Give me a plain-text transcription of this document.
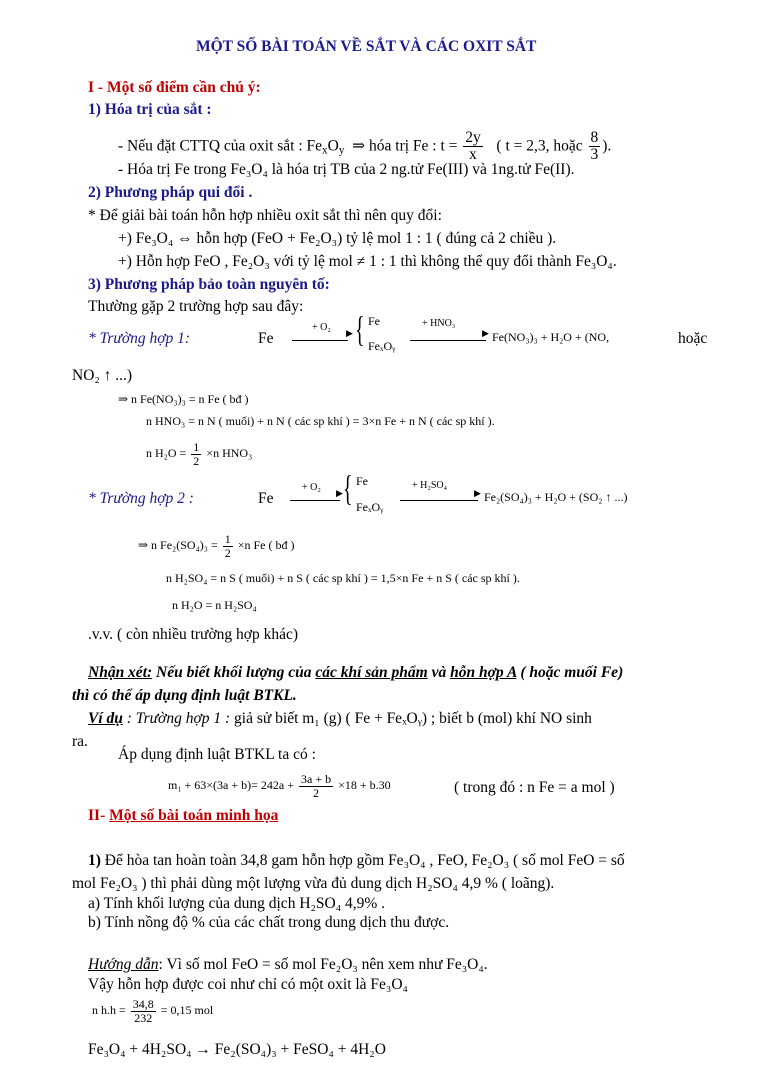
MỘT SỐ BÀI TOÁN VỀ SẮT VÀ CÁC OXIT SẮT
I - Một số điểm cần chú ý:
1) Hóa trị của sắt :
- Nếu đặt CTTQ của oxit sắt : $Fe_xO_y$ ⇒ hóa trị Fe : $t = \frac{2y}{x}$ ( t = 2,3, hoặc $\frac{8}{3}$ ).
- Hóa trị Fe trong Fe₃O₄ là hóa trị TB của 2 ng.tử Fe(III) và 1ng.tử Fe(II).
2) Phương pháp qui đổi .
* Để giải bài toán hỗn hợp nhiều oxit sắt thì nên quy đổi:
+) Fe₃O₄ ⇔ hỗn hợp (FeO + Fe₂O₃) tỷ lệ mol 1 : 1 ( đúng cả 2 chiều ).
+) Hỗn hợp FeO , Fe₂O₃ với tỷ lệ mol ≠ 1 : 1 thì không thể quy đổi thành Fe₃O₄.
3) Phương pháp bảo toàn nguyên tố:
Thường gặp 2 trường hợp sau đây:
* Trường hợp 1:	Fe
+ O₂ ▶ { Fe
FeₓOᵧ
+ HNO₃
▶ Fe(NO₃)₃ + H₂O + (NO,	hoặc
NO₂ ↑ ...)
⇒ n Fe(NO₃)₃ = n Fe ( bđ )
n HNO₃ = n N ( muối) + n N ( các sp khí ) = 3×n Fe + n N ( các sp khí ).
n $H_2O = \frac{1}{2} \times n$ HNO₃
* Trường hợp 2 :	Fe
+ O₂ ▶ { Fe
FeₓOᵧ
+ H₂SO₄
▶ Fe₂(SO₄)₃ + H₂O + (SO₂ ↑ ...)
⇒ n $Fe_2(SO_4)_3 = \frac{1}{2} \times n$ Fe ( bđ )
n H₂SO₄ = n S ( muối) + n S ( các sp khí ) = 1,5×n Fe + n S ( các sp khí ).
n H₂O = n H₂SO₄
.v.v. ( còn nhiều trường hợp khác)
Nhận xét: Nếu biết khối lượng của các khí sản phẩm và hỗn hợp A ( hoặc muối Fe)
thì có thể áp dụng định luật BTKL.
Ví dụ : Trường hợp 1 : giả sử biết m₁ (g) ( Fe + FeₓOᵧ) ; biết b (mol) khí NO sinh
ra.
Áp dụng định luật BTKL ta có :
$m_1 + 63\times(3a + b)= 242a + \frac{3a + b}{2} \times 18 + b.30$	( trong đó : n Fe = a mol )
II- Một số bài toán minh họa
1) Để hòa tan hoàn toàn 34,8 gam hỗn hợp gồm Fe₃O₄ , FeO, Fe₂O₃ ( số mol FeO = số
mol Fe₂O₃ ) thì phải dùng một lượng vừa đủ dung dịch H₂SO₄ 4,9 % ( loãng).
a) Tính khối lượng của dung dịch H₂SO₄ 4,9% .
b) Tính nồng độ % của các chất trong dung dịch thu được.
Hướng dẫn: Vì số mol FeO = số mol Fe₂O₃ nên xem như Fe₃O₄.
Vậy hỗn hợp được coi như chỉ có một oxit là Fe₃O₄
n $h.h = \frac{34,8}{232} = 0,15$ mol
Fe₃O₄ + 4H₂SO₄ → Fe₂(SO₄)₃ + FeSO₄ + 4H₂O
